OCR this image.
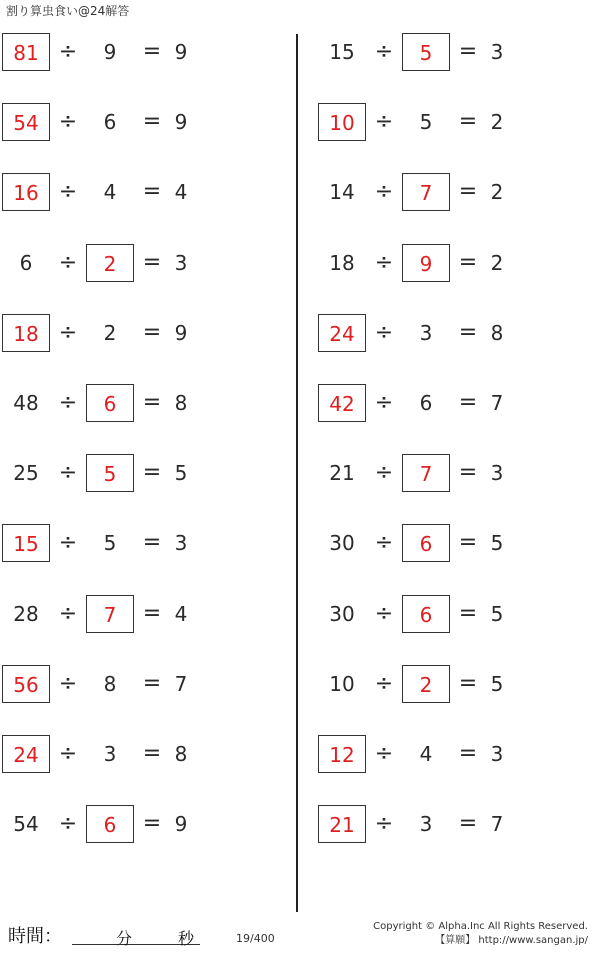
割り算虫食い@24解答
81 ÷	9	= 9
54 ÷	6	= 9
16 ÷	4	= 4
6	÷	2	= 3
18 ÷	2	= 9
48 ÷	6	= 8
25 ÷	5	= 5
15 ÷	5	= 3
28 ÷	7	= 4
56 ÷	8	= 7
24 ÷	3	= 8
54 ÷	6	= 9
15 ÷	5	= 3
10 ÷	5	= 2
14 ÷	7	= 2
18 ÷	9	= 2
24 ÷	3	= 8
42 ÷	6	= 7
21 ÷	7	= 3
30 ÷	6	= 5
30 ÷	6	= 5
10 ÷	2	= 5
12 ÷	4	= 3
21 ÷	3	= 7
時間：	分	秒	19/400
Copyright © Alpha.Inc All Rights Reserved.
【算願】 http://www.sangan.jp/
